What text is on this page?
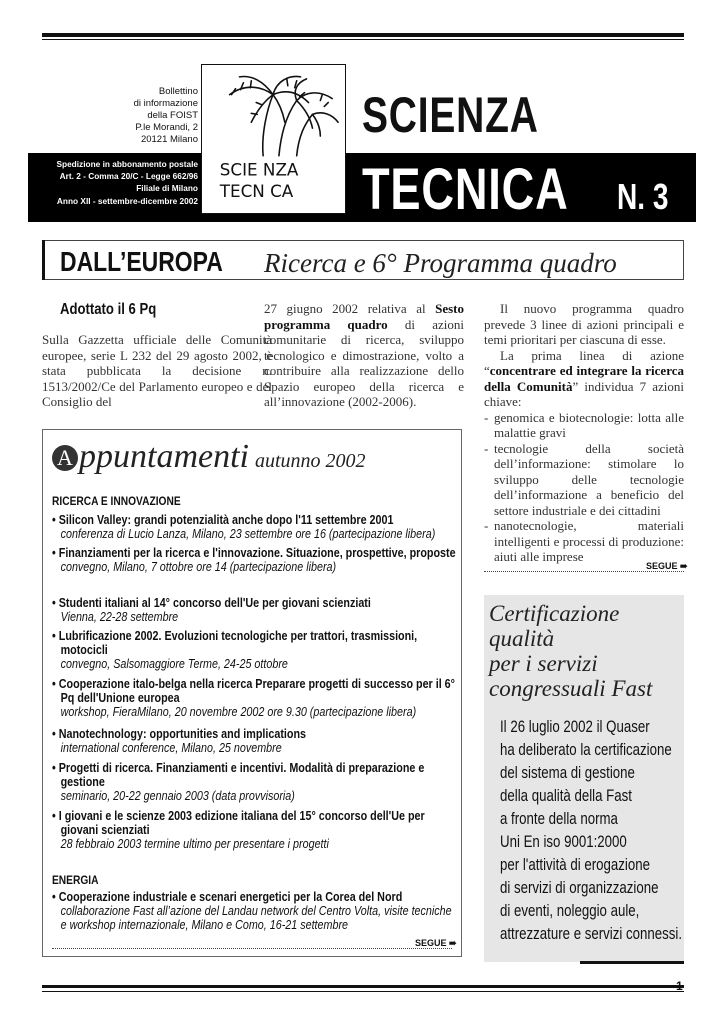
Bollettino
di informazione
della FOIST
P.le Morandi, 2
20121 Milano
Spedizione in abbonamento postale
Art. 2 - Comma 20/C - Legge 662/96
Filiale di Milano
Anno XII - settembre-dicembre 2002
SCIE NZA
TECN CA
SCIENZA
TECNICA N. 3
DALL’EUROPA Ricerca e 6° Programma quadro
Adottato il 6 Pq

Sulla Gazzetta ufficiale delle Comunità europee, serie L 232 del 29 agosto 2002, è stata pubblicata la decisione n. 1513/2002/Ce del Parlamento europeo e del Consiglio del

27 giugno 2002 relativa al Sesto programma quadro di azioni comunitarie di ricerca, sviluppo tecnologico e dimostrazione, volto a contribuire alla realizzazione dello Spazio europeo della ricerca e all’innovazione (2002-2006).

Il nuovo programma quadro prevede 3 linee di azioni principali e temi prioritari per ciascuna di esse.

La prima linea di azione “concentrare ed integrare la ricerca della Comunità” individua 7 azioni chiave:

- genomica e biotecnologie: lotta alle malattie gravi
- tecnologie della società dell’informazione: stimolare lo sviluppo delle tecnologie dell’informazione a beneficio del settore industriale e dei cittadini
- nanotecnologie, materiali intelligenti e processi di produzione: aiuti alle imprese
SEGUE ➠
A ppuntamenti autunno 2002
RICERCA E INNOVAZIONE
• Silicon Valley: grandi potenzialità anche dopo l'11 settembre 2001
conferenza di Lucio Lanza, Milano, 23 settembre ore 16 (partecipazione libera)
• Finanziamenti per la ricerca e l'innovazione. Situazione, prospettive, proposte
convegno, Milano, 7 ottobre ore 14 (partecipazione libera)
• Studenti italiani al 14° concorso dell'Ue per giovani scienziati
Vienna, 22-28 settembre
• Lubrificazione 2002. Evoluzioni tecnologiche per trattori, trasmissioni, motocicli
convegno, Salsomaggiore Terme, 24-25 ottobre
• Cooperazione italo-belga nella ricerca Preparare progetti di successo per il 6° Pq dell'Unione europea
workshop, FieraMilano, 20 novembre 2002 ore 9.30 (partecipazione libera)
• Nanotechnology: opportunities and implications
international conference, Milano, 25 novembre
• Progetti di ricerca. Finanziamenti e incentivi. Modalità di preparazione e gestione
seminario, 20-22 gennaio 2003 (data provvisoria)
• I giovani e le scienze 2003 edizione italiana del 15° concorso dell'Ue per giovani scienziati
28 febbraio 2003 termine ultimo per presentare i progetti
ENERGIA
• Cooperazione industriale e scenari energetici per la Corea del Nord
collaborazione Fast all’azione del Landau network del Centro Volta, visite tecniche e workshop internazionale, Milano e Como, 16-21 settembre
SEGUE ➠
Certificazione
qualità
per i servizi
congressuali Fast
Il 26 luglio 2002 il Quaser
ha deliberato la certificazione
del sistema di gestione
della qualità della Fast
a fronte della norma
Uni En iso 9001:2000
per l'attività di erogazione
di servizi di organizzazione
di eventi, noleggio aule,
attrezzature e servizi connessi.
1
